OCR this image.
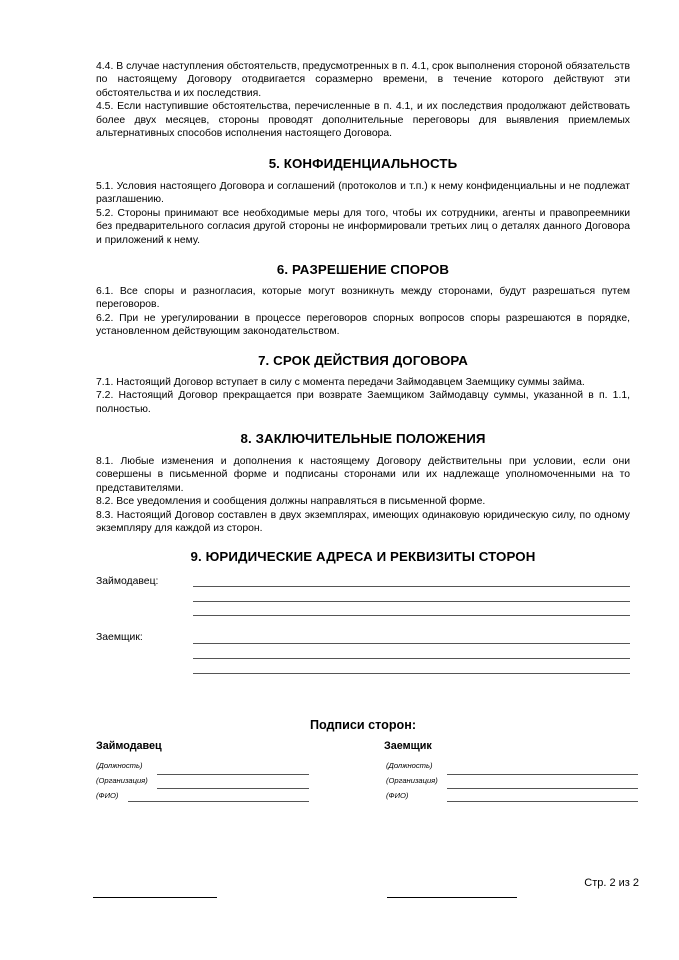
4.4. В случае наступления обстоятельств, предусмотренных в п. 4.1, срок выполнения стороной обязательств по настоящему Договору отодвигается соразмерно времени, в течение которого действуют эти обстоятельства и их последствия.

4.5. Если наступившие обстоятельства, перечисленные в п. 4.1, и их последствия продолжают действовать более двух месяцев, стороны проводят дополнительные переговоры для выявления приемлемых альтернативных способов исполнения настоящего Договора.

5. КОНФИДЕНЦИАЛЬНОСТЬ

5.1. Условия настоящего Договора и соглашений (протоколов и т.п.) к нему конфиденциальны и не подлежат разглашению.

5.2. Стороны принимают все необходимые меры для того, чтобы их сотрудники, агенты и правопреемники без предварительного согласия другой стороны не информировали третьих лиц о деталях данного Договора и приложений к нему.

6. РАЗРЕШЕНИЕ СПОРОВ

6.1. Все споры и разногласия, которые могут возникнуть между сторонами, будут разрешаться путем переговоров.

6.2. При не урегулировании в процессе переговоров спорных вопросов споры разрешаются в порядке, установленном действующим законодательством.

7. СРОК ДЕЙСТВИЯ ДОГОВОРА

7.1. Настоящий Договор вступает в силу с момента передачи Займодавцем Заемщику суммы займа.

7.2. Настоящий Договор прекращается при возврате Заемщиком Займодавцу суммы, указанной в п. 1.1, полностью.

8. ЗАКЛЮЧИТЕЛЬНЫЕ ПОЛОЖЕНИЯ

8.1. Любые изменения и дополнения к настоящему Договору действительны при условии, если они совершены в письменной форме и подписаны сторонами или их надлежаще уполномоченными на то представителями.

8.2. Все уведомления и сообщения должны направляться в письменной форме.

8.3. Настоящий Договор составлен в двух экземплярах, имеющих одинаковую юридическую силу, по одному экземпляру для каждой из сторон.

9. ЮРИДИЧЕСКИЕ АДРЕСА И РЕКВИЗИТЫ СТОРОН
Займодавец:
Заемщик:
Подписи сторон:
Займодавец
(Должность)
(Организация)
(ФИО)
Заемщик
(Должность)
(Организация)
(ФИО)
Стр. 2 из 2
